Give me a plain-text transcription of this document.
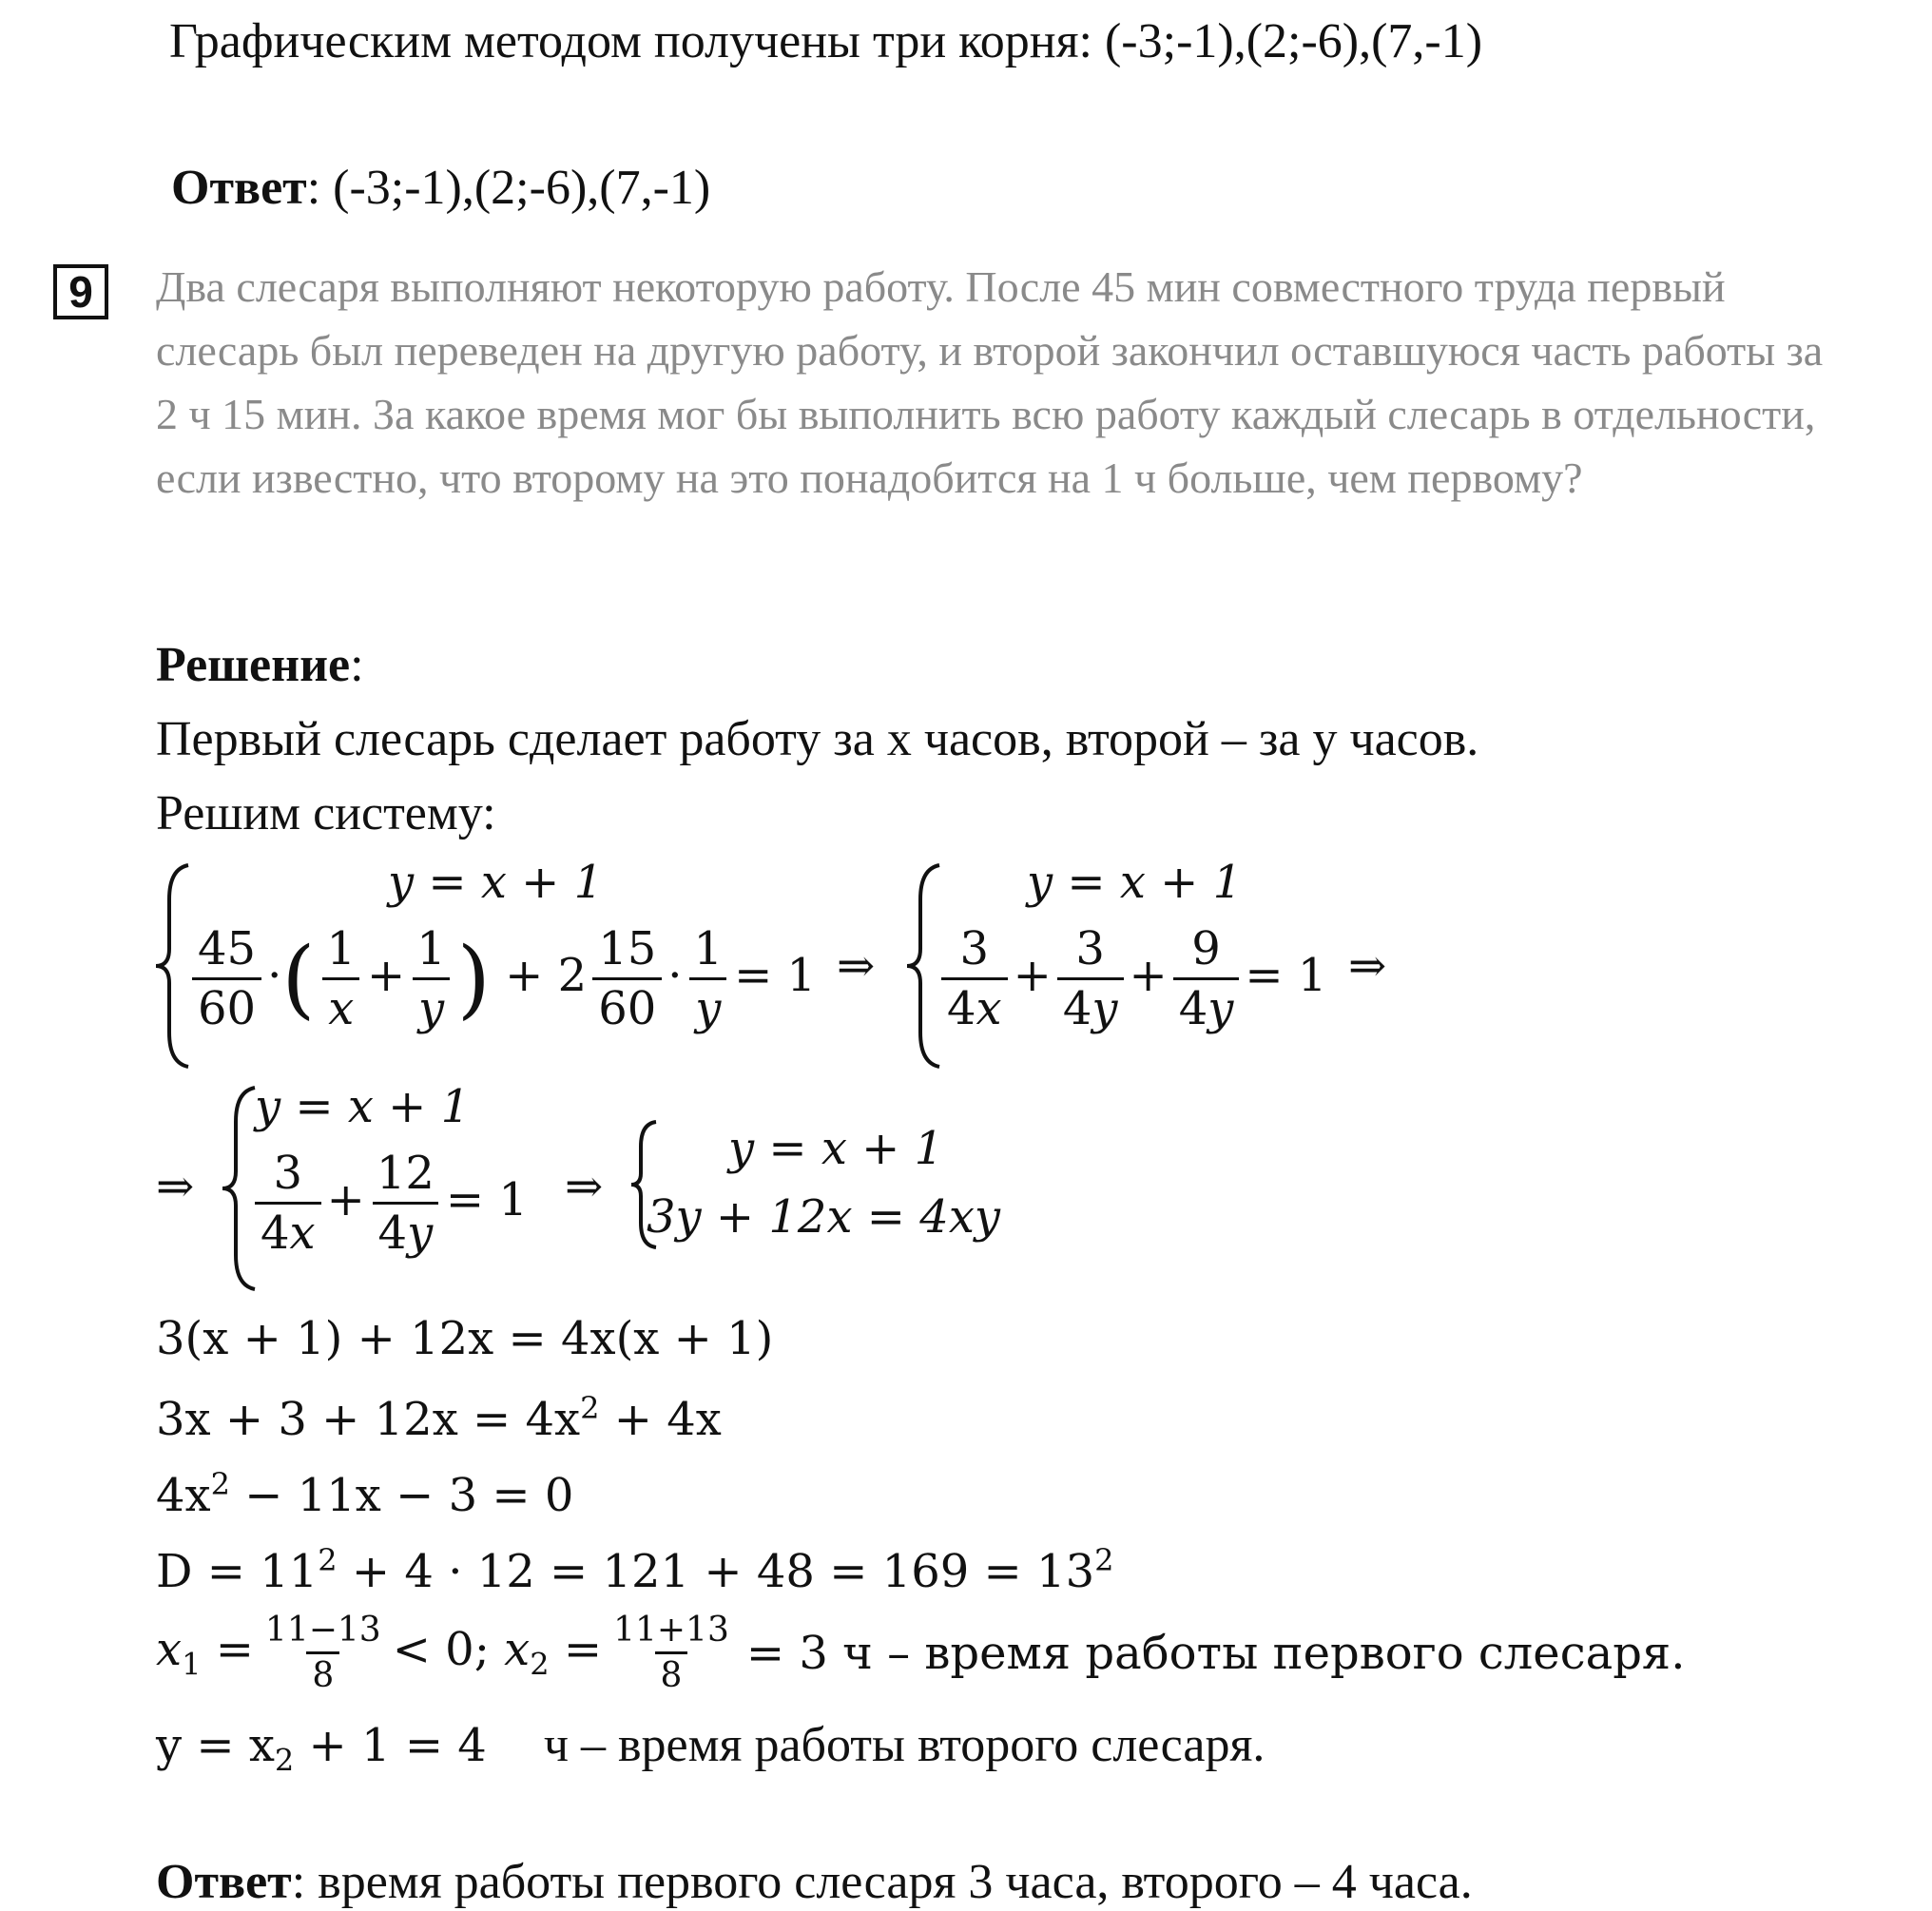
Графическим методом получены три корня: (-3;-1),(2;-6),(7,-1)
Ответ: (-3;-1),(2;-6),(7,-1)
9	Два слесаря выполняют некоторую работу. После 45 мин совместного труда первый слесарь был переведен на другую работу, и второй закончил оставшуюся часть работы за 2 ч 15 мин. За какое время мог бы выполнить всю работу каждый слесарь в отдельности, если известно, что второму на это понадобится на 1 ч больше, чем первому?
Решение:
Первый слесарь сделает работу за x часов, второй – за y часов.
Решим систему:
y = x + 1
$\frac{45}{60}$ ·( $\frac{1}{x} + \frac{1}{y}$ ) + $2 \frac{15}{60} \cdot \frac{1}{y} = 1$ ⇒
y = x + 1
$\frac{3}{4x} + \frac{3}{4y} + \frac{9}{4y} = 1$ ⇒
⇒
y = x + 1
$\frac{3}{4x} + \frac{12}{4y} = 1$ ⇒
y = x + 1
3y + 12x = 4xy
3(x + 1) + 12x = 4x(x + 1)
$3x + 3 + 12x = 4x^2 + 4x$
$4x^2 - 11x - 3 = 0$
$D = 11^2 + 4 \cdot 12 = 121 + 48 = 169 = 13^2$
$x_1 = \frac{11-13}{8} < 0$; $x_2 = \frac{11+13}{8} = 3$ ч – время работы первого слесаря.
$y = x_2 + 1 = 4$ ч – время работы второго слесаря.
Ответ: время работы первого слесаря 3 часа, второго – 4 часа.
